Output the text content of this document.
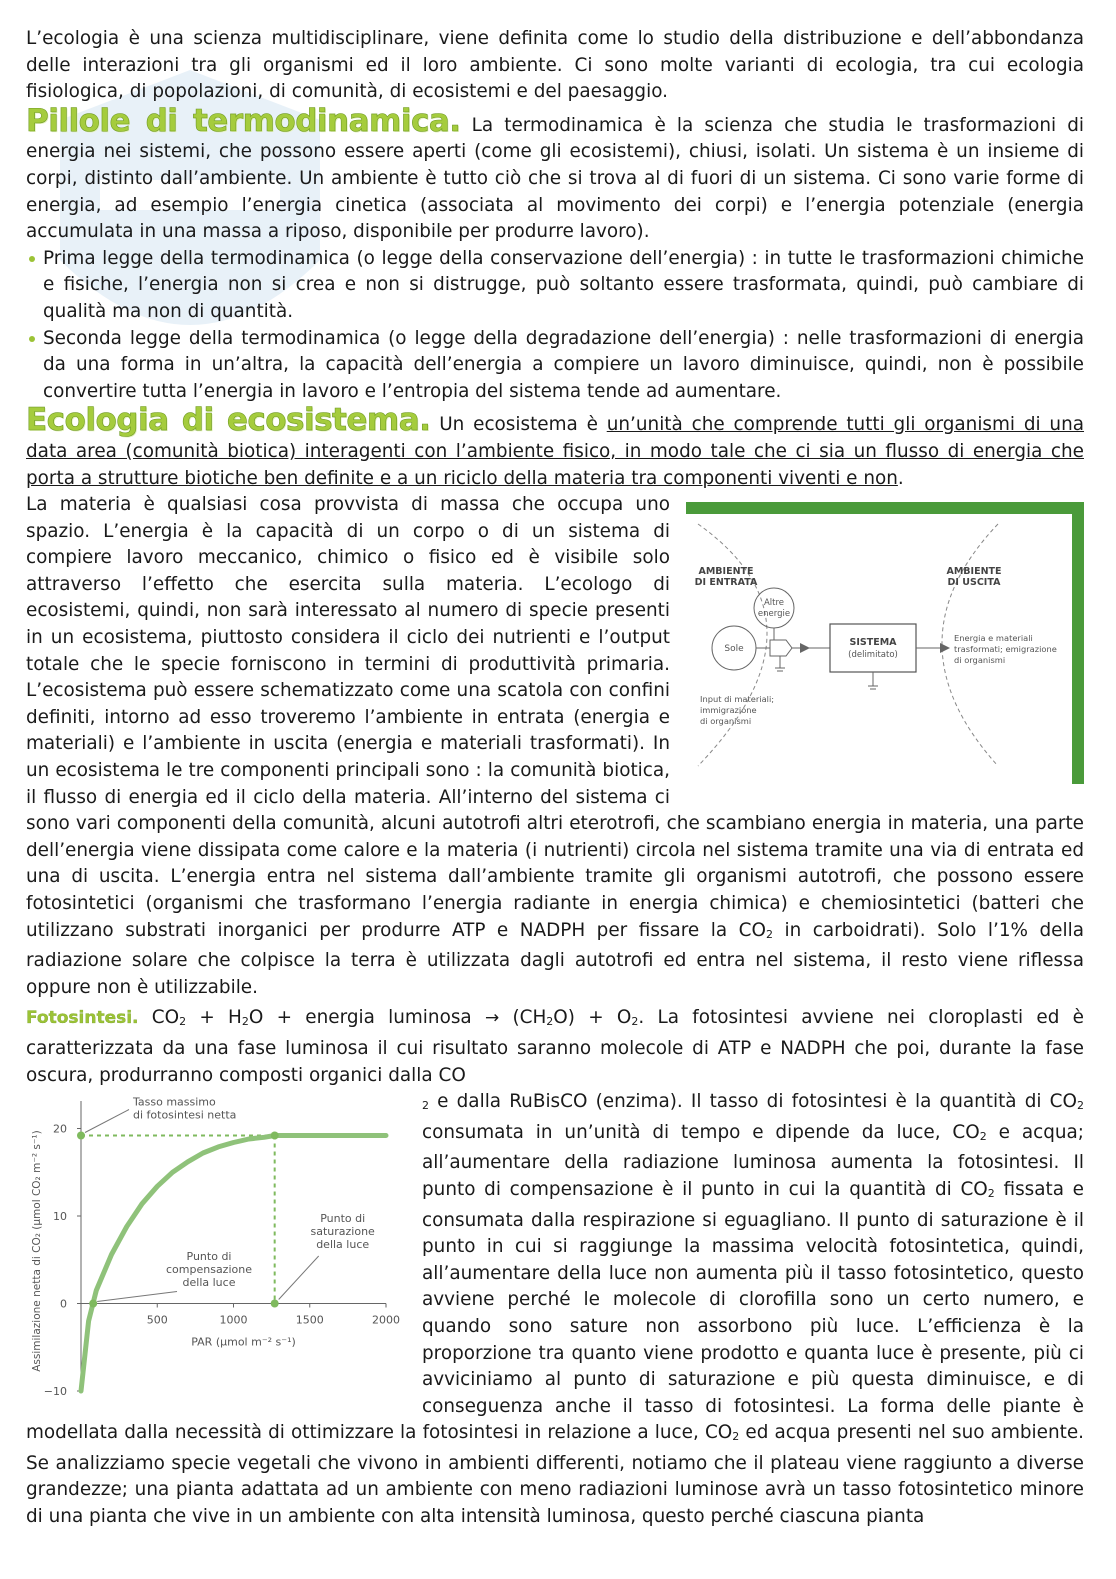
L’ecologia è una scienza multidisciplinare, viene definita come lo studio della distribuzione e dell’abbondanza delle interazioni tra gli organismi ed il loro ambiente. Ci sono molte varianti di ecologia, tra cui ecologia fisiologica, di popolazioni, di comunità, di ecosistemi e del paesaggio.

Pillole di termodinamica. La termodinamica è la scienza che studia le trasformazioni di energia nei sistemi, che possono essere aperti (come gli ecosistemi), chiusi, isolati. Un sistema è un insieme di corpi, distinto dall’ambiente. Un ambiente è tutto ciò che si trova al di fuori di un sistema. Ci sono varie forme di energia, ad esempio l’energia cinetica (associata al movimento dei corpi) e l’energia potenziale (energia accumulata in una massa a riposo, disponibile per produrre lavoro).

Prima legge della termodinamica (o legge della conservazione dell’energia) : in tutte le trasformazioni chimiche e fisiche, l’energia non si crea e non si distrugge, può soltanto essere trasformata, quindi, può cambiare di qualità ma non di quantità.
Seconda legge della termodinamica (o legge della degradazione dell’energia) : nelle trasformazioni di energia da una forma in un’altra, la capacità dell’energia a compiere un lavoro diminuisce, quindi, non è possibile convertire tutta l’energia in lavoro e l’entropia del sistema tende ad aumentare.

Ecologia di ecosistema. Un ecosistema è un’unità che comprende tutti gli organismi di una data area (comunità biotica) interagenti con l’ambiente fisico, in modo tale che ci sia un flusso di energia che porta a strutture biotiche ben definite e a un riciclo della materia tra componenti viventi e non.

AMBIENTE
DI ENTRATA
AMBIENTE
DI USCITA
Altre
energie
Sole
SISTEMA
(delimitato)
Energia e materiali
trasformati; emigrazione
di organismi
Input di materiali;
immigrazione
di organismi

La materia è qualsiasi cosa provvista di massa che occupa uno spazio. L’energia è la capacità di un corpo o di un sistema di compiere lavoro meccanico, chimico o fisico ed è visibile solo attraverso l’effetto che esercita sulla materia. L’ecologo di ecosistemi, quindi, non sarà interessato al numero di specie presenti in un ecosistema, piuttosto considera il ciclo dei nutrienti e l’output totale che le specie forniscono in termini di produttività primaria. L’ecosistema può essere schematizzato come una scatola con confini definiti, intorno ad esso troveremo l’ambiente in entrata (energia e materiali) e l’ambiente in uscita (energia e materiali trasformati). In un ecosistema le tre componenti principali sono : la comunità biotica, il flusso di energia ed il ciclo della materia. All’interno del sistema ci sono vari componenti della comunità, alcuni autotrofi altri eterotrofi, che scambiano energia in materia, una parte dell’energia viene dissipata come calore e la materia (i nutrienti) circola nel sistema tramite una via di entrata ed una di uscita. L’energia entra nel sistema dall’ambiente tramite gli organismi autotrofi, che possono essere fotosintetici (organismi che trasformano l’energia radiante in energia chimica) e chemiosintetici (batteri che utilizzano substrati inorganici per produrre ATP e NADPH per fissare la $CO_2$ in carboidrati). Solo l’1% della radiazione solare che colpisce la terra è utilizzata dagli autotrofi ed entra nel sistema, il resto viene riflessa oppure non è utilizzabile.

Fotosintesi. $CO_2 + H_2O$ + energia luminosa → $(CH_2O) + O_2$. La fotosintesi avviene nei cloroplasti ed è caratterizzata da una fase luminosa il cui risultato saranno molecole di ATP e NADPH che poi, durante la fase oscura, produrranno composti organici dalla CO

20
10
0
−10
500	1000	1500	2000
PAR (µmol m⁻² s⁻¹)
Assimilazione netta di CO₂ (µmol CO₂ m⁻² s⁻¹)
Tasso massimo
di fotosintesi netta
Punto di
saturazione
della luce
Punto di
compensazione
della luce

$_2$ e dalla RuBisCO (enzima). Il tasso di fotosintesi è la quantità di $CO_2$ consumata in un’unità di tempo e dipende da luce, $CO_2$ e acqua; all’aumentare della radiazione luminosa aumenta la fotosintesi. Il punto di compensazione è il punto in cui la quantità di $CO_2$ fissata e consumata dalla respirazione si eguagliano. Il punto di saturazione è il punto in cui si raggiunge la massima velocità fotosintetica, quindi, all’aumentare della luce non aumenta più il tasso fotosintetico, questo avviene perché le molecole di clorofilla sono un certo numero, e quando sono sature non assorbono più luce. L’efficienza è la proporzione tra quanto viene prodotto e quanta luce è presente, più ci avviciniamo al punto di saturazione e più questa diminuisce, e di conseguenza anche il tasso di fotosintesi. La forma delle piante è modellata dalla necessità di ottimizzare la fotosintesi in relazione a luce, $CO_2$ ed acqua presenti nel suo ambiente. Se analizziamo specie vegetali che vivono in ambienti differenti, notiamo che il plateau viene raggiunto a diverse grandezze; una pianta adattata ad un ambiente con meno radiazioni luminose avrà un tasso fotosintetico minore di una pianta che vive in un ambiente con alta intensità luminosa, questo perché ciascuna pianta
